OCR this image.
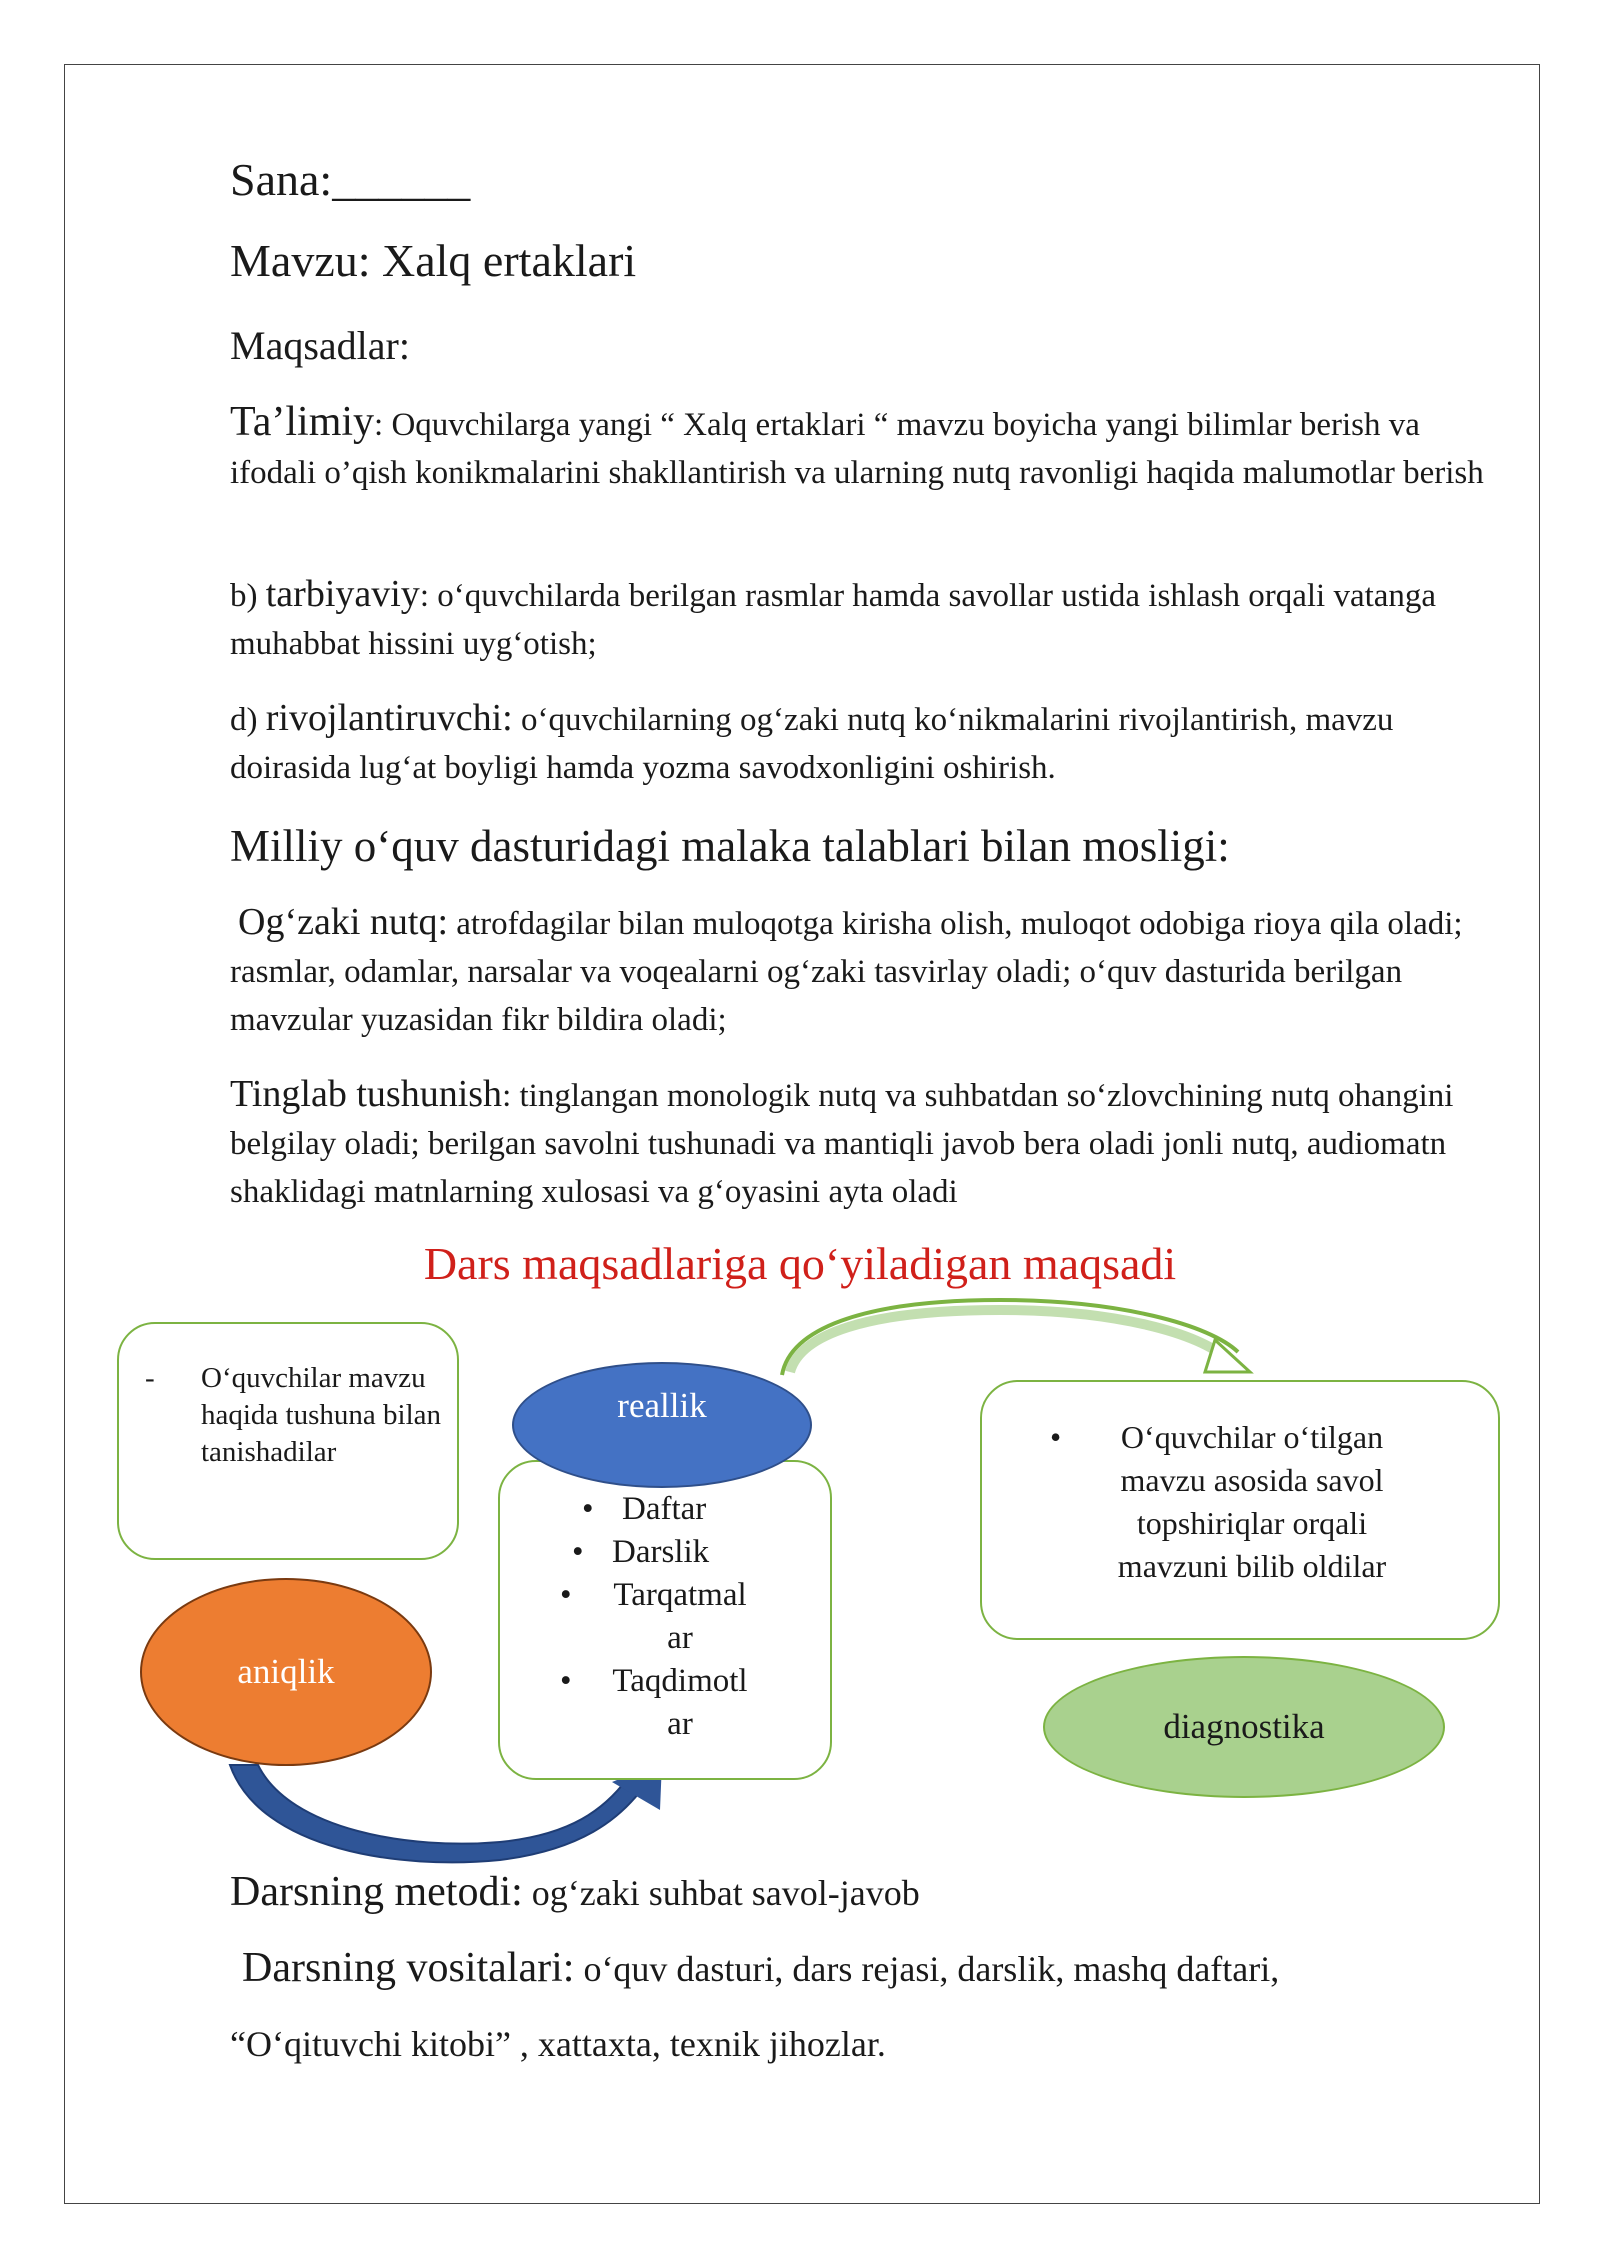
Sana:______

Mavzu: Xalq ertaklari

Maqsadlar:

Ta’limiy: Oquvchilarga yangi “ Xalq ertaklari “ mavzu boyicha yangi bilimlar berish va ifodali o’qish konikmalarini shakllantirish va ularning nutq ravonligi haqida malumotlar berish

b) tarbiyaviy: oʻquvchilarda berilgan rasmlar hamda savollar ustida ishlash orqali vatanga muhabbat hissini uygʻotish;

d) rivojlantiruvchi: oʻquvchilarning ogʻzaki nutq koʻnikmalarini rivojlantirish, mavzu doirasida lugʻat boyligi hamda yozma savodxonligini oshirish.

Milliy oʻquv dasturidagi malaka talablari bilan mosligi:

Ogʻzaki nutq: atrofdagilar bilan muloqotga kirisha olish, muloqot odobiga rioya qila oladi; rasmlar, odamlar, narsalar va voqealarni ogʻzaki tasvirlay oladi; oʻquv dasturida berilgan mavzular yuzasidan fikr bildira oladi;

Tinglab tushunish: tinglangan monologik nutq va suhbatdan soʻzlovchining nutq ohangini belgilay oladi; berilgan savolni tushunadi va mantiqli javob bera oladi jonli nutq, audiomatn shaklidagi matnlarning xulosasi va gʻoyasini ayta oladi

Dars maqsadlariga qoʻyiladigan maqsadi

- Oʻquvchilar mavzu haqida tushuna bilan tanishadilar
aniqlik
reallik
• Daftar
• Darslik
• Tarqatmal ar
• Taqdimotl ar
• Oʻquvchilar oʻtilgan mavzu asosida savol topshiriqlar orqali mavzuni bilib oldilar
diagnostika

Darsning metodi: ogʻzaki suhbat savol-javob

Darsning vositalari: oʻquv dasturi, dars rejasi, darslik, mashq daftari,

“Oʻqituvchi kitobi” , xattaxta, texnik jihozlar.
